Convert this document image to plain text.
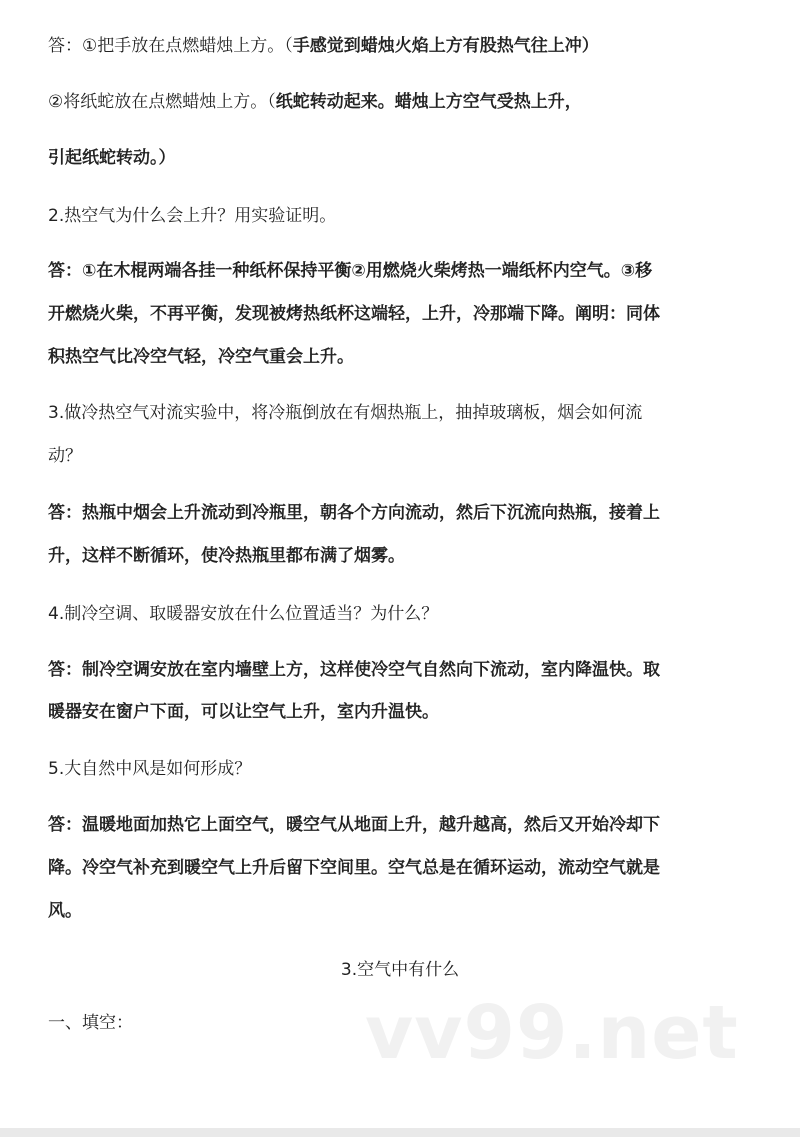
答：①把手放在点燃蜡烛上方。（手感觉到蜡烛火焰上方有股热气往上冲）
②将纸蛇放在点燃蜡烛上方。（纸蛇转动起来。蜡烛上方空气受热上升，
引起纸蛇转动。）
2.热空气为什么会上升？用实验证明。
答：①在木棍两端各挂一种纸杯保持平衡②用燃烧火柴烤热一端纸杯内空气。③移
开燃烧火柴，不再平衡，发现被烤热纸杯这端轻，上升，冷那端下降。阐明：同体
积热空气比冷空气轻，冷空气重会上升。
3.做冷热空气对流实验中，将冷瓶倒放在有烟热瓶上，抽掉玻璃板，烟会如何流
动？
答：热瓶中烟会上升流动到冷瓶里，朝各个方向流动，然后下沉流向热瓶，接着上
升，这样不断循环，使冷热瓶里都布满了烟雾。
4.制冷空调、取暖器安放在什么位置适当？为什么？
答：制冷空调安放在室内墙壁上方，这样使冷空气自然向下流动，室内降温快。取
暖器安在窗户下面，可以让空气上升，室内升温快。
5.大自然中风是如何形成？
答：温暖地面加热它上面空气，暖空气从地面上升，越升越高，然后又开始冷却下
降。冷空气补充到暖空气上升后留下空间里。空气总是在循环运动，流动空气就是
风。
3.空气中有什么
一、填空：	vv99.net
